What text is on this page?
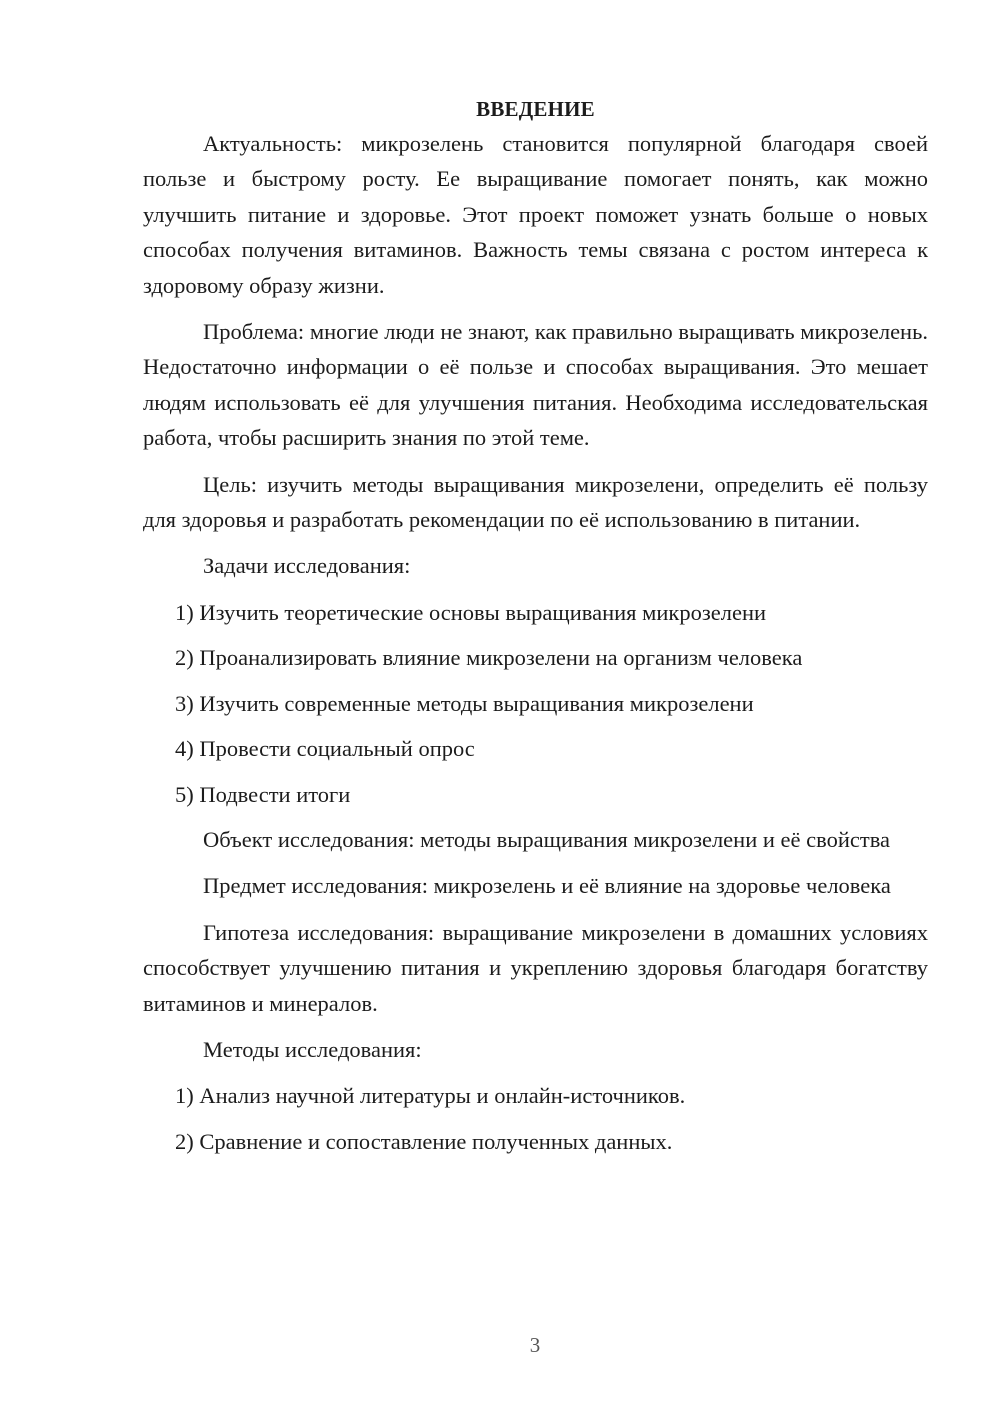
ВВЕДЕНИЕ

Актуальность: микрозелень становится популярной благодаря своей пользе и быстрому росту. Ее выращивание помогает понять, как можно улучшить питание и здоровье. Этот проект поможет узнать больше о новых способах получения витаминов. Важность темы связана с ростом интереса к здоровому образу жизни.

Проблема: многие люди не знают, как правильно выращивать микрозелень. Недостаточно информации о её пользе и способах выращивания. Это мешает людям использовать её для улучшения питания. Необходима исследовательская работа, чтобы расширить знания по этой теме.

Цель: изучить методы выращивания микрозелени, определить её пользу для здоровья и разработать рекомендации по её использованию в питании.

Задачи исследования:

1) Изучить теоретические основы выращивания микрозелени
2) Проанализировать влияние микрозелени на организм человека
3) Изучить современные методы выращивания микрозелени
4) Провести социальный опрос
5) Подвести итоги

Объект исследования: методы выращивания микрозелени и её свойства

Предмет исследования: микрозелень и её влияние на здоровье человека

Гипотеза исследования: выращивание микрозелени в домашних условиях способствует улучшению питания и укреплению здоровья благодаря богатству витаминов и минералов.

Методы исследования:

1) Анализ научной литературы и онлайн-источников.
2) Сравнение и сопоставление полученных данных.
3
